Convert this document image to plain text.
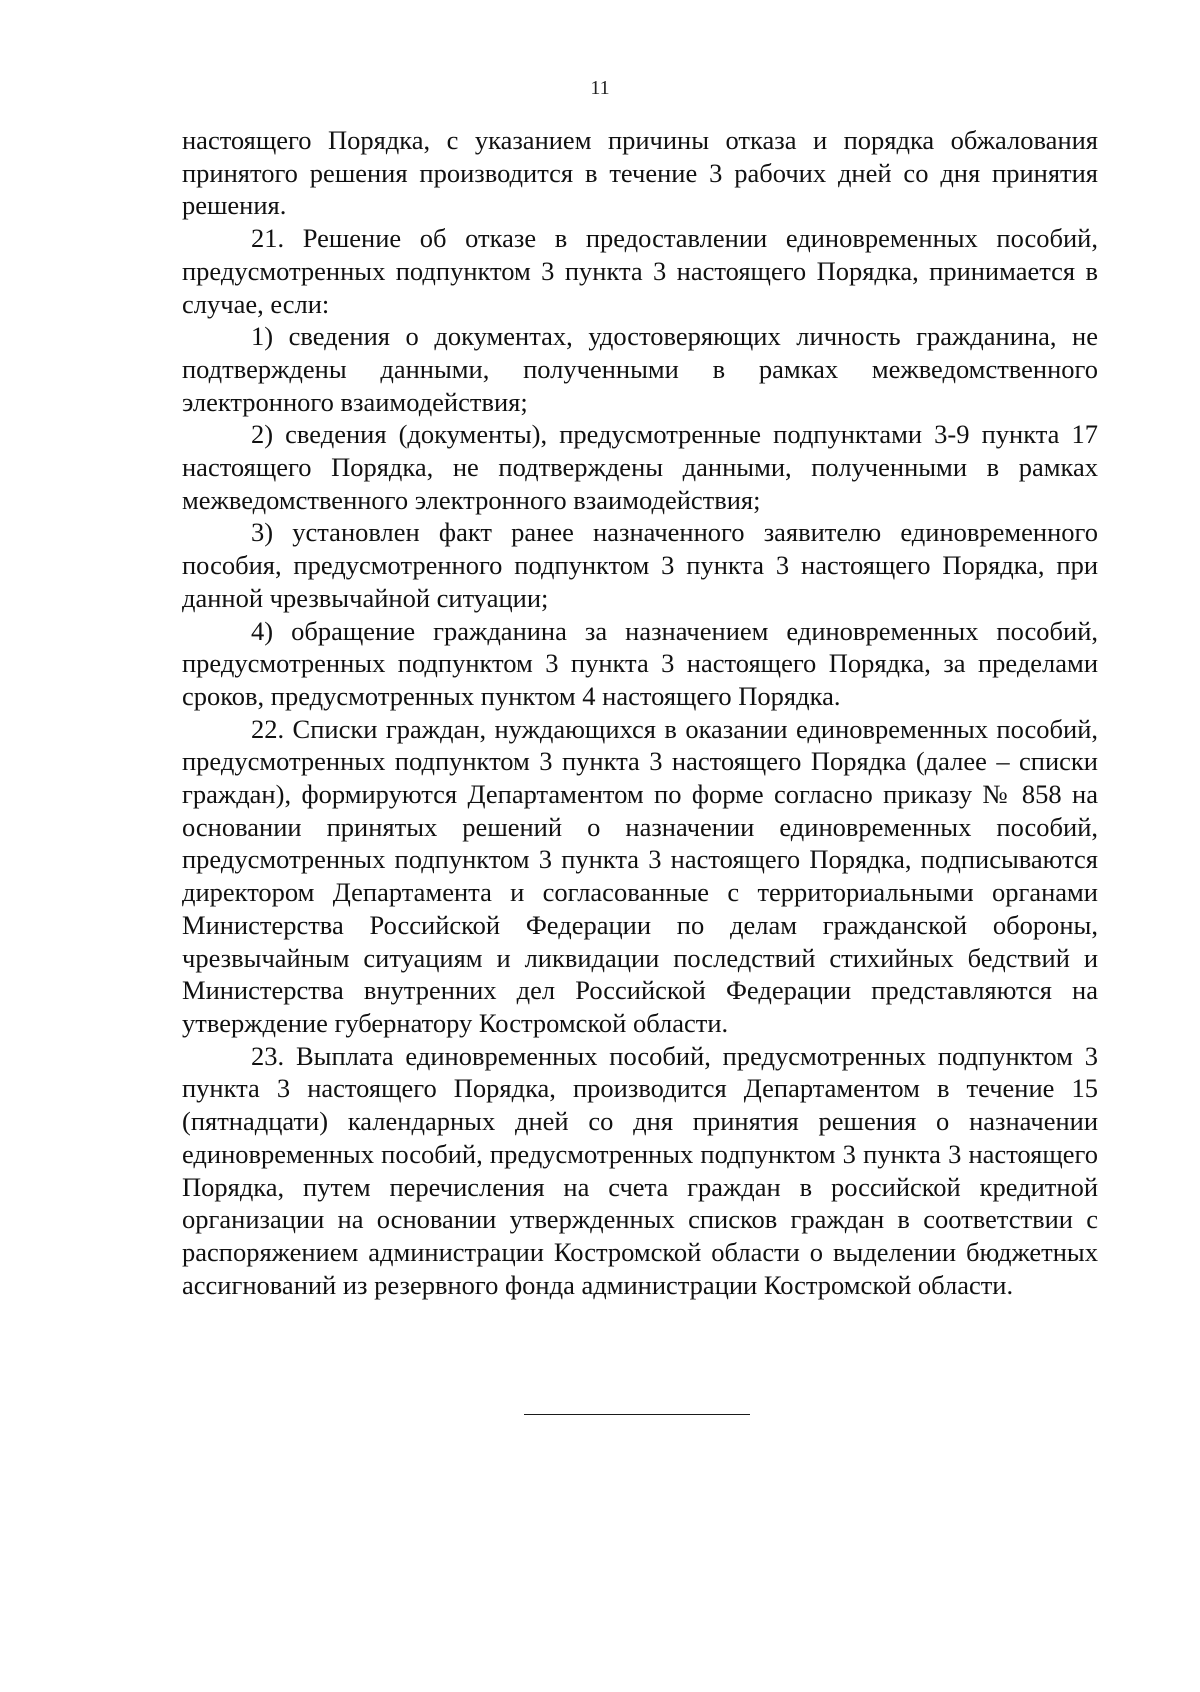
11

настоящего Порядка, с указанием причины отказа и порядка обжалования принятого решения производится в течение 3 рабочих дней со дня принятия решения.

21. Решение об отказе в предоставлении единовременных пособий, предусмотренных подпунктом 3 пункта 3 настоящего Порядка, принимается в случае, если:

1) сведения о документах, удостоверяющих личность гражданина, не подтверждены данными, полученными в рамках межведомственного электронного взаимодействия;

2) сведения (документы), предусмотренные подпунктами 3-9 пункта 17 настоящего Порядка, не подтверждены данными, полученными в рамках межведомственного электронного взаимодействия;

3) установлен факт ранее назначенного заявителю единовременного пособия, предусмотренного подпунктом 3 пункта 3 настоящего Порядка, при данной чрезвычайной ситуации;

4) обращение гражданина за назначением единовременных пособий, предусмотренных подпунктом 3 пункта 3 настоящего Порядка, за пределами сроков, предусмотренных пунктом 4 настоящего Порядка.

22. Списки граждан, нуждающихся в оказании единовременных пособий, предусмотренных подпунктом 3 пункта 3 настоящего Порядка (далее – списки граждан), формируются Департаментом по форме согласно приказу № 858 на основании принятых решений о назначении единовременных пособий, предусмотренных подпунктом 3 пункта 3 настоящего Порядка, подписываются директором Департамента и согласованные с территориальными органами Министерства Российской Федерации по делам гражданской обороны, чрезвычайным ситуациям и ликвидации последствий стихийных бедствий и Министерства внутренних дел Российской Федерации представляются на утверждение губернатору Костромской области.

23. Выплата единовременных пособий, предусмотренных подпунктом 3 пункта 3 настоящего Порядка, производится Департаментом в течение 15 (пятнадцати) календарных дней со дня принятия решения о назначении единовременных пособий, предусмотренных подпунктом 3 пункта 3 настоящего Порядка, путем перечисления на счета граждан в российской кредитной организации на основании утвержденных списков граждан в соответствии с распоряжением администрации Костромской области о выделении бюджетных ассигнований из резервного фонда администрации Костромской области.
